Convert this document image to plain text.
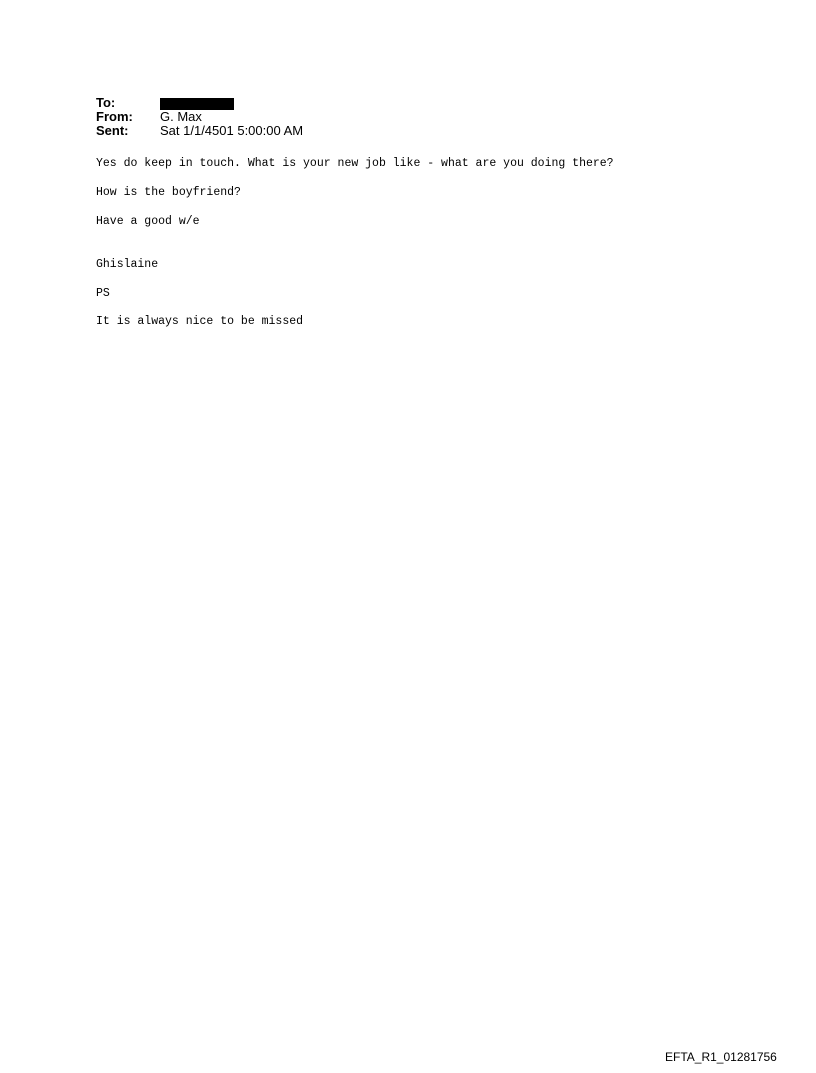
To:
From:	G. Max
Sent:	Sat 1/1/4501 5:00:00 AM

Yes do keep in touch. What is your new job like - what are you doing there?

How is the boyfriend?

Have a good w/e

Ghislaine

PS

It is always nice to be missed

EFTA_R1_01281756
